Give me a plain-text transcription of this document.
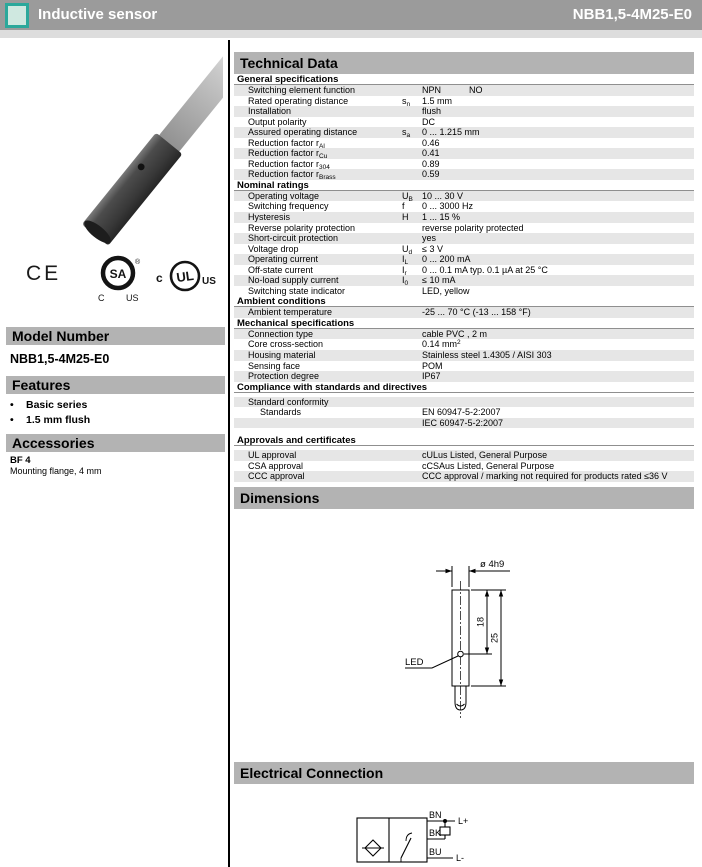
Inductive sensor	NBB1,5-4M25-E0
CE	SA
®
C US
c UL US
Model Number
NBB1,5-4M25-E0
Features
•	Basic series
•	1.5 mm flush
Accessories
BF 4
Mounting flange, 4 mm
Technical Data
General specifications
Switching element function	NPN	NO
Rated operating distance	$s_n$	1.5 mm
Installation	flush
Output polarity	DC
Assured operating distance	$s_a$	0 ... 1.215 mm
Reduction factor $r_{Al}$	0.46
Reduction factor $r_{Cu}$	0.41
Reduction factor $r_{304}$	0.89
Reduction factor $r_{Brass}$	0.59
Nominal ratings
Operating voltage	$U_B$	10 ... 30 V
Switching frequency	f	0 ... 3000 Hz
Hysteresis	H	1 ... 15 %
Reverse polarity protection	reverse polarity protected
Short-circuit protection	yes
Voltage drop	$U_d$	≤ 3 V
Operating current	$I_L$	0 ... 200 mA
Off-state current	$I_r$	0 ... 0.1 mA typ. 0.1 µA at 25 °C
No-load supply current	$I_0$	≤ 10 mA
Switching state indicator	LED, yellow
Ambient conditions
Ambient temperature	-25 ... 70 °C (-13 ... 158 °F)
Mechanical specifications
Connection type	cable PVC , 2 m
Core cross-section	0.14 $mm^2$
Housing material	Stainless steel 1.4305 / AISI 303
Sensing face	POM
Protection degree	IP67
Compliance with standards and directives
Standard conformity
Standards	EN 60947-5-2:2007
IEC 60947-5-2:2007
Approvals and certificates
UL approval	cULus Listed, General Purpose
CSA approval	cCSAus Listed, General Purpose
CCC approval	CCC approval / marking not required for products rated ≤36 V
Dimensions
ø 4h9
18
25
LED
Electrical Connection
BN
BK
BU
L+
L-
